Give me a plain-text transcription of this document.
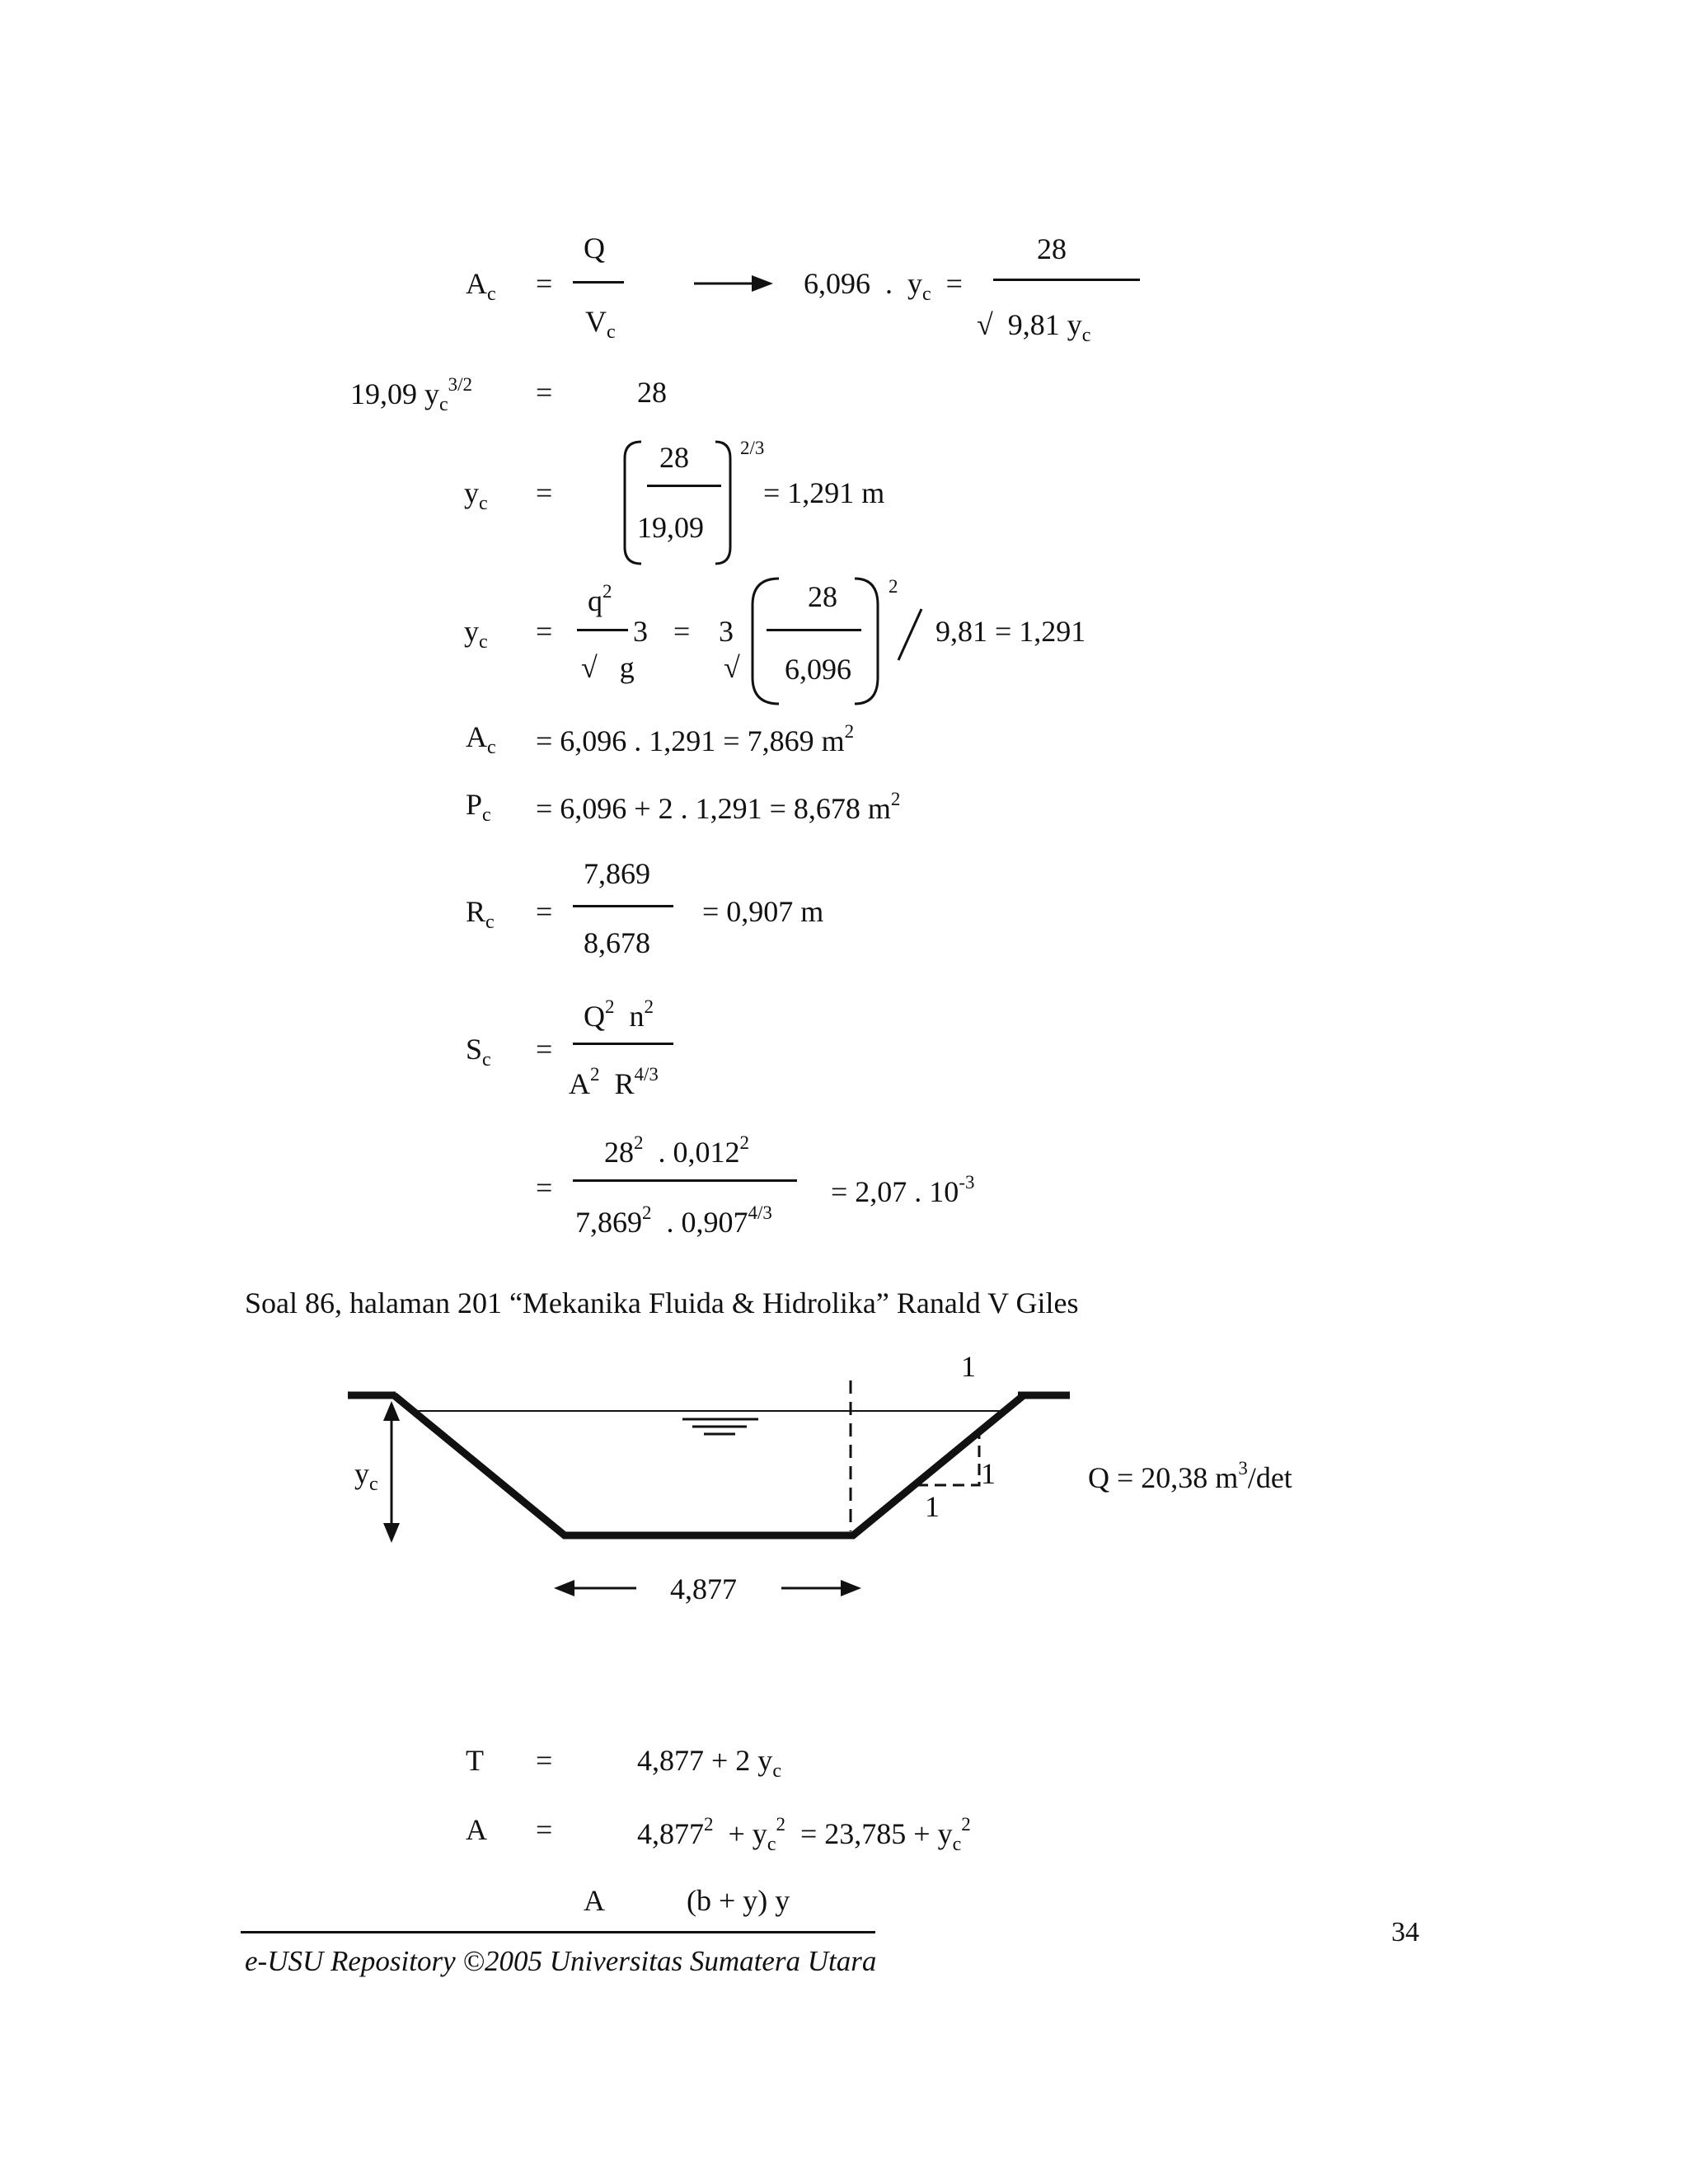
$A_c$ =
Q
$V_c$
6,096 . $y_c$ =
28
√ 9,81 $y_c$
19,09 $y_c^{3/2}$ =	28
$y_c$ =
28
19,09
2/3
= 1,291 m
$y_c$ =
$q^2$
√ g
3 = 3
√
28
6,096
2
9,81 = 1,291
$A_c = 6,096$ . 1,291 = 7,869 $m^2$
$P_c = 6,096 + 2$ . 1,291 = 8,678 $m^2$
$R_c$ =
7,869
8,678
= 0,907 m
$S_c$ =
$Q^2$ $n^2$
$A^2$ $R^{4/3}$
=
$28^2$ . 0,012$^2$
7,869$^2$ . $0,907^{4/3}$
= 2,07 . $10^{-3}$
Soal 86, halaman 201 “Mekanika Fluida & Hidrolika” Ranald V Giles
1
1
1
$y_c$
4,877
Q = 20,38 $m^3/\det$
T =	4,877 + 2 $y_c$
A =	$4,877^2 + y_c^2 = 23,785 + y_c^2$
A	(b + y) y
e-USU Repository ©2005 Universitas Sumatera Utara
34
